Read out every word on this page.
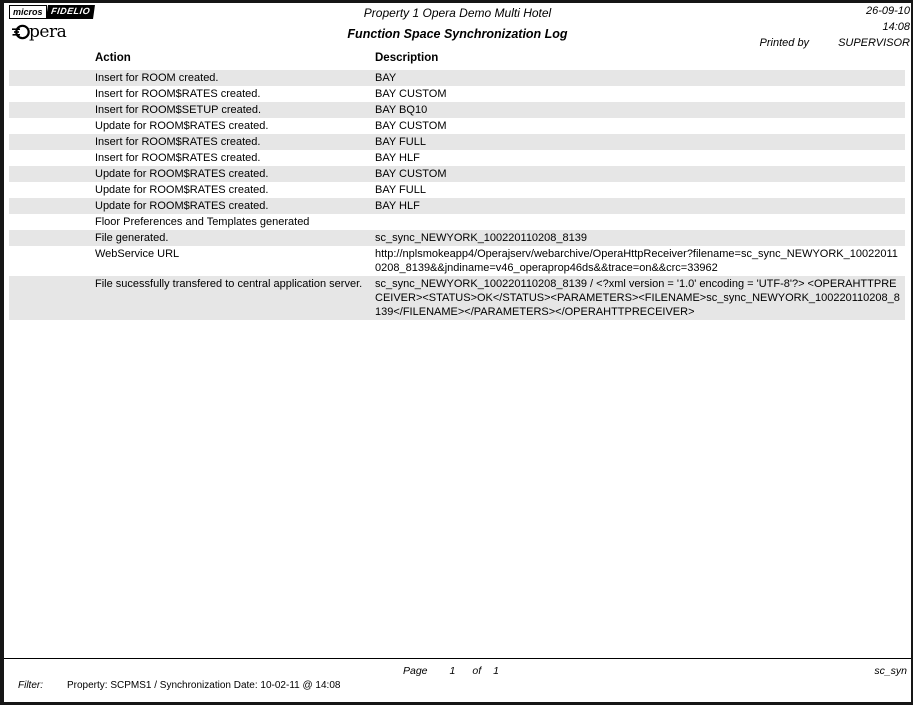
micros FIDELIO
pera
Property 1 Opera Demo Multi Hotel
Function Space Synchronization Log
26-09-10
14:08
Printed by	SUPERVISOR
Action	Description
Insert for ROOM created.	BAY
Insert for ROOM$RATES created.	BAY CUSTOM
Insert for ROOM$SETUP created.	BAY BQ10
Update for ROOM$RATES created.	BAY CUSTOM
Insert for ROOM$RATES created.	BAY FULL
Insert for ROOM$RATES created.	BAY HLF
Update for ROOM$RATES created.	BAY CUSTOM
Update for ROOM$RATES created.	BAY FULL
Update for ROOM$RATES created.	BAY HLF
Floor Preferences and Templates generated
File generated.	sc_sync_NEWYORK_100220110208_8139
WebService URL	http://nplsmokeapp4/Operajserv/webarchive/OperaHttpReceiver?filename=sc_sync_NEWYORK_100220110208_8139&&jndiname=v46_operaprop46ds&&trace=on&&crc=33962
File sucessfully transfered to central application server.	sc_sync_NEWYORK_100220110208_8139 / <?xml version = '1.0' encoding = 'UTF-8'?> <OPERAHTTPRECEIVER><STATUS>OK</STATUS><PARAMETERS><FILENAME>sc_sync_NEWYORK_100220110208_8139</FILENAME></PARAMETERS></OPERAHTTPRECEIVER>
Page 1 of 1	sc_syn
Filter:	Property: SCPMS1 / Synchronization Date: 10-02-11 @ 14:08
